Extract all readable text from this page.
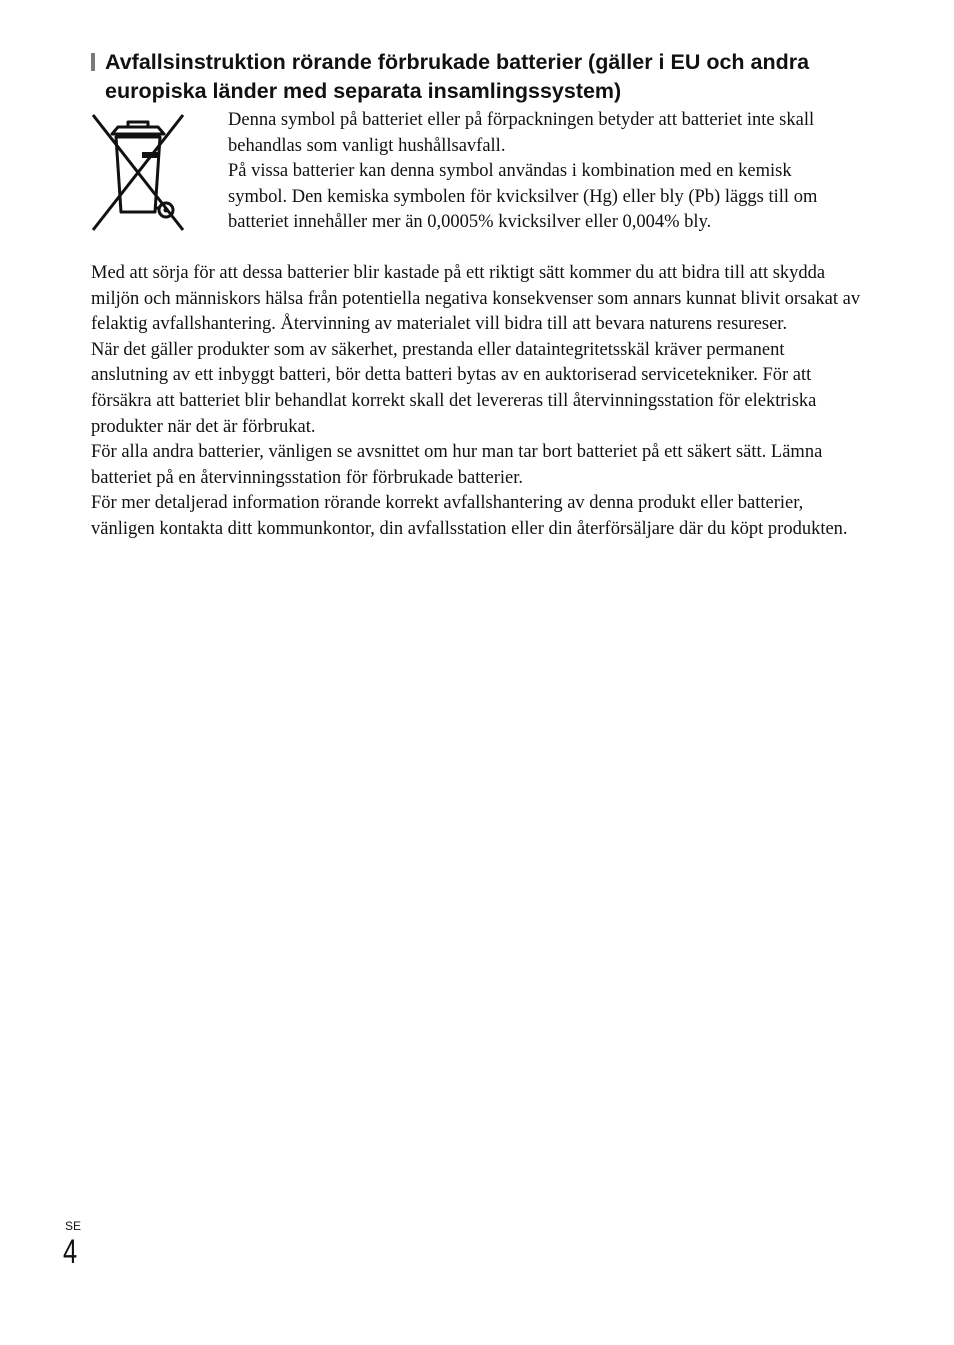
Avfallsinstruktion rörande förbrukade batterier (gäller i EU och andra europiska länder med separata insamlingssystem)

Denna symbol på batteriet eller på förpackningen betyder att batteriet inte skall behandlas som vanligt hushållsavfall.

På vissa batterier kan denna symbol användas i kombination med en kemisk symbol. Den kemiska symbolen för kvicksilver (Hg) eller bly (Pb) läggs till om batteriet innehåller mer än 0,0005% kvicksilver eller 0,004% bly.

Med att sörja för att dessa batterier blir kastade på ett riktigt sätt kommer du att bidra till att skydda miljön och människors hälsa från potentiella negativa konsekvenser som annars kunnat blivit orsakat av felaktig avfallshantering. Återvinning av materialet vill bidra till att bevara naturens resureser.

När det gäller produkter som av säkerhet, prestanda eller dataintegritetsskäl kräver permanent anslutning av ett inbyggt batteri, bör detta batteri bytas av en auktoriserad servicetekniker. För att försäkra att batteriet blir behandlat korrekt skall det levereras till återvinningsstation för elektriska produkter när det är förbrukat.

För alla andra batterier, vänligen se avsnittet om hur man tar bort batteriet på ett säkert sätt. Lämna batteriet på en återvinningsstation för förbrukade batterier.

För mer detaljerad information rörande korrekt avfallshantering av denna produkt eller batterier, vänligen kontakta ditt kommunkontor, din avfallsstation eller din återförsäljare där du köpt produkten.

SE
4
